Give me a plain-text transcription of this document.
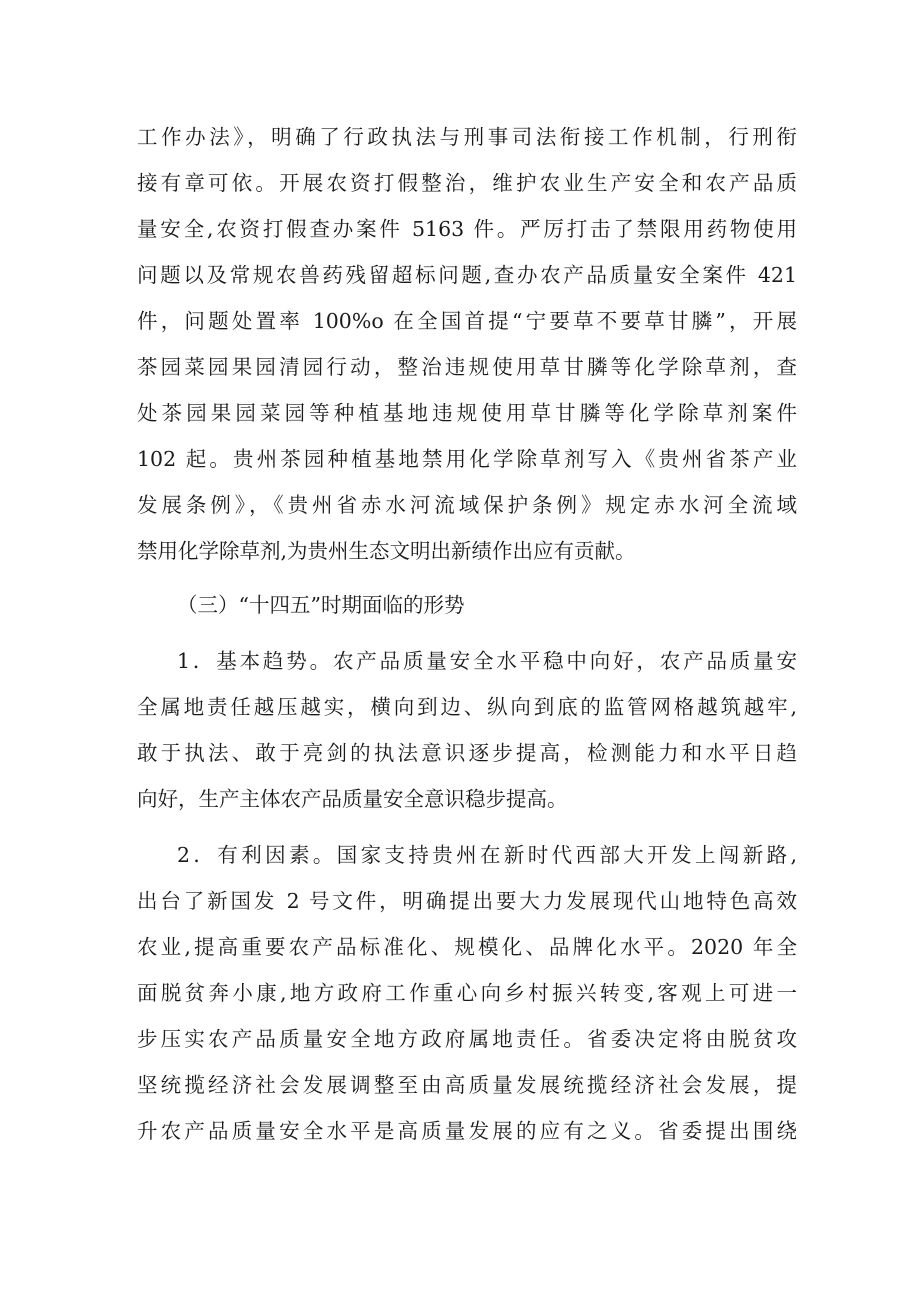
工作办法》，明确了行政执法与刑事司法衔接工作机制，行刑衔
接有章可依。开展农资打假整治，维护农业生产安全和农产品质
量安全,农资打假查办案件 5163 件。严厉打击了禁限用药物使用
问题以及常规农兽药残留超标问题,查办农产品质量安全案件 421
件，问题处置率 100%o 在全国首提“宁要草不要草甘膦”，开展
茶园菜园果园清园行动，整治违规使用草甘膦等化学除草剂，查
处茶园果园菜园等种植基地违规使用草甘膦等化学除草剂案件
102 起。贵州茶园种植基地禁用化学除草剂写入《贵州省茶产业
发展条例》，《贵州省赤水河流域保护条例》规定赤水河全流域
禁用化学除草剂,为贵州生态文明出新绩作出应有贡献。
（三）“十四五”时期面临的形势
1．基本趋势。农产品质量安全水平稳中向好，农产品质量安
全属地责任越压越实，横向到边、纵向到底的监管网格越筑越牢,
敢于执法、敢于亮剑的执法意识逐步提高，检测能力和水平日趋
向好，生产主体农产品质量安全意识稳步提高。
2．有利因素。国家支持贵州在新时代西部大开发上闯新路,
出台了新国发 2 号文件，明确提出要大力发展现代山地特色高效
农业,提高重要农产品标准化、规模化、品牌化水平。2020 年全
面脱贫奔小康,地方政府工作重心向乡村振兴转变,客观上可进一
步压实农产品质量安全地方政府属地责任。省委决定将由脱贫攻
坚统揽经济社会发展调整至由高质量发展统揽经济社会发展，提
升农产品质量安全水平是高质量发展的应有之义。省委提出围绕
